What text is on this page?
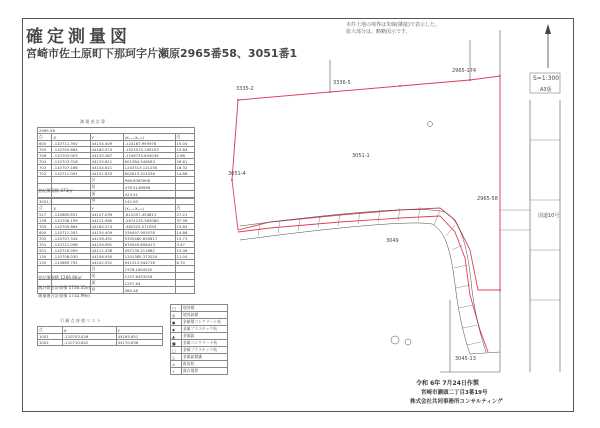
確定測量図
宮崎市佐土原町下那珂字片瀬原2965番58、3051番1
本件土地の境界は朱線(隣接)で表示した。
拡大部分は、略略図示です。
S=1:300
A3版
3335-2
3336-5
2965-174
3051-1
3051-4
2965-58
3049
3045-13
国道10号
測 積 表 計 算
2965-58				
点	X	Y	(Xₙ₋₁-Xₙ₊₁)	辺
600	-110711.392	44154.409	-124167.995978	15.04
705	-110705.664	44160.574	-1523515.190203	15.84
706	-110703.003	44135.487	-1106733.654049	2.66
704	-110703.316	44135.811	601384.546063	26.61
703	-110707.166	44144.621	1243513.121250	18.32
702	-110711.091	44151.633	802613.414336	14.86
		計	996.6363906	
		倍	478.5148998	
		面	423.51	
		坪	142.93	
登記簿面積 473㎡
3051-1				
点	X	Y	(Xₙ₋₁-Xₙ₊₁)	辺
517	-110685.831	44127.039	-612057.454813	27.21
139	-110708.199	44111.560	-2672235.383080	37.56
705	-110705.664	44160.574	-462525.071094	15.84
600	-110711.392	44154.409	334497.905578	14.86
702	-110707.344	44136.491	5305480.650817	13.71
701	-110711.098	44109.991	670049.658413	3.47
501	-110716.990	44111.438	497139.211862	15.06
130	-110708.030	44106.930	1201385.372024	11.04
135	-110689.792	44102.551	941313.944716	6.70
		計	2376.1804520	
		倍	1257.6453018	
		面	1257.64	
		坪	380.48	
登記簿面積 1266.66㎡
既計算合計面積 1730.35㎡
測量後合計面積 1732.99㎡
引 継 点 座 標 リ ス ト
点	X	Y
1001	-110703.026	44165.651
1002	-110710.642	44170.636
◯	境界標
◎	境界鋲標
●	金属製コンクリート杭
◆	金属プラスチック杭
▲	金属鋲
■	金属コンクリート杭
□	金属プラスチック杭
△	金属鋲標識
×	既設杭
+	既存境界
令和 6年 7月24日作製
宮崎市瀬頭二丁目3番19号
株式会社共同事務所コンサルティング
